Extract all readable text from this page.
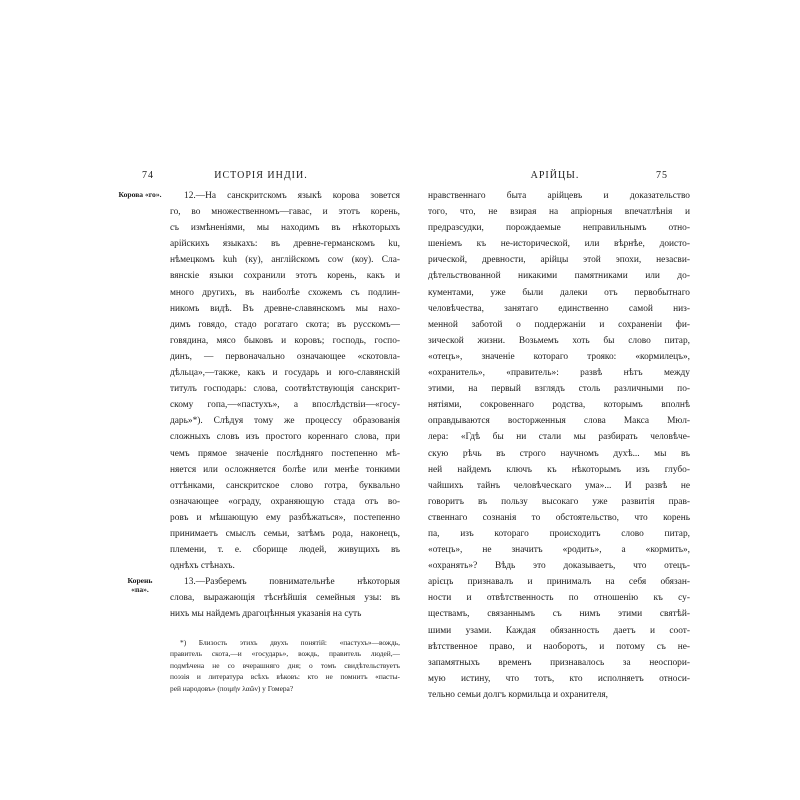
74	ИСТОРІЯ ИНДІИ.
Корова «го».
Корень «па».
12.—На санскритскомъ языкѣ корова зовется
го, во множественномъ—гавас, и этотъ корень,
съ измѣненіями, мы находимъ въ нѣкоторыхъ
арійскихъ языкахъ: въ древне-германскомъ ku,
нѣмецкомъ kuh (ку), англійскомъ cow (коу). Сла-
вянскіе языки сохранили этотъ корень, какъ и
много другихъ, въ наиболѣе схожемъ съ подлин-
никомъ видѣ. Въ древне-славянскомъ мы нахо-
димъ говядо, стадо рогатаго скота; въ русскомъ—
говядина, мясо быковъ и коровъ; господь, госпо-
динъ, — первоначально означающее «скотовла-
дѣльца»,—также, какъ и государь и юго-славянскій
титулъ господарь: слова, соотвѣтствующія санскрит-
скому гопа,—«пастухъ», а впослѣдствіи—«госу-
дарь»*). Слѣдуя тому же процессу образованія
сложныхъ словъ изъ простого кореннаго слова, при
чемъ прямое значеніе послѣдняго постепенно мѣ-
няется или осложняется болѣе или менѣе тонкими
оттѣнками, санскритское слово готра, буквально
означающее «ограду, охраняющую стада отъ во-
ровъ и мѣшающую ему разбѣжаться», постепенно
принимаетъ смыслъ семьи, затѣмъ рода, наконецъ,
племени, т. е. сборище людей, живущихъ въ
однѣхъ стѣнахъ.
13.—Разберемъ повнимательнѣе нѣкоторыя
слова, выражающія тѣснѣйшія семейныя узы: въ
нихъ мы найдемъ драгоцѣнныя указанія на суть
*) Близость этихъ двухъ понятій: «пастухъ»—вождь,
правитель скота,—и «государь», вождь, правитель людей,—
подмѣчена не со вчерашняго дня; о томъ свидѣтельствуетъ
поэзія и литература всѣхъ вѣковъ: кто не помнитъ «пасты-
рей народовъ» (ποιμὴν λαῶν) у Гомера?
АРІЙЦЫ.	75
нравственнаго быта арійцевъ и доказательство
того, что, не взирая на апріорныя впечатлѣнія и
предразсудки, порождаемые неправильнымъ отно-
шеніемъ къ не-исторической, или вѣрнѣе, доисто-
рической, древности, арійцы этой эпохи, незасви-
дѣтельствованной никакими памятниками или до-
кументами, уже были далеки отъ первобытнаго
человѣчества, занятаго единственно самой низ-
менной заботой о поддержаніи и сохраненіи фи-
зической жизни. Возьмемъ хоть бы слово питар,
«отецъ», значеніе котораго трояко: «кормилецъ»,
«охранитель», «правитель»: развѣ нѣтъ между
этими, на первый взглядъ столь различными по-
нятіями, сокровеннаго родства, которымъ вполнѣ
оправдываются восторженныя слова Макса Мюл-
лера: «Гдѣ бы ни стали мы разбирать человѣче-
скую рѣчь въ строго научномъ духѣ... мы въ
ней найдемъ ключъ къ нѣкоторымъ изъ глубо-
чайшихъ тайнъ человѣческаго ума»... И развѣ не
говоритъ въ пользу высокаго уже развитія прав-
ственнаго сознанія то обстоятельство, что корень
па, изъ котораго происходитъ слово питар,
«отецъ», не значитъ «родить», а «кормить»,
«охранять»? Вѣдь это доказываетъ, что отецъ-
арієцъ признавалъ и принималъ на себя обязан-
ности и отвѣтственность по отношенію къ су-
ществамъ, связаннымъ съ нимъ этими святѣй-
шими узами. Каждая обязанность даетъ и соот-
вѣтственное право, и наоборотъ, и потому съ не-
запамятныхъ временъ признавалось за неоспори-
мую истину, что тотъ, кто исполняетъ относи-
тельно семьи долгъ кормильца и охранителя,
